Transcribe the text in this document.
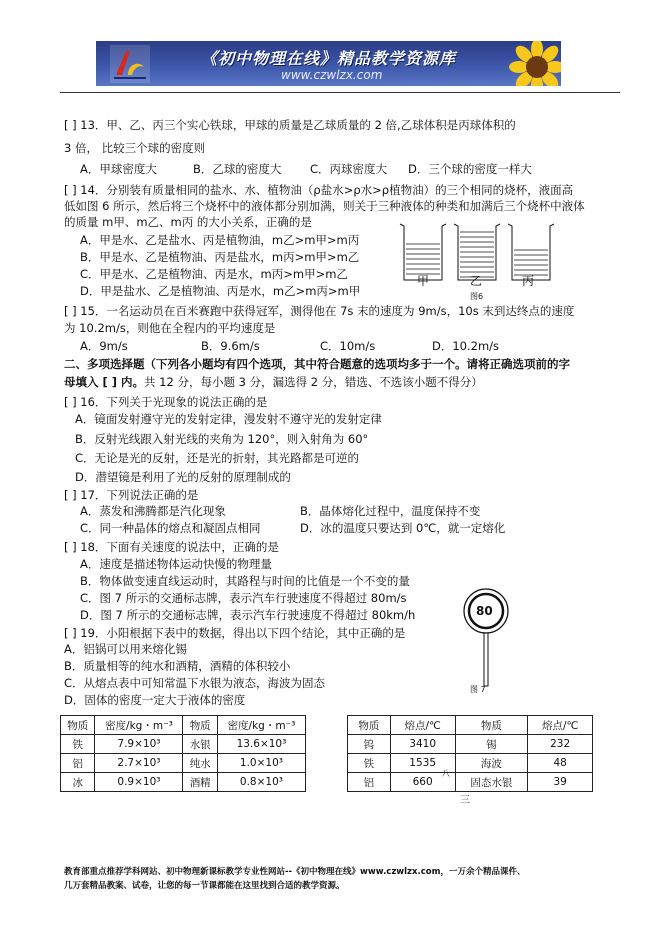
《初中物理在线》精品教学资源库
www.czwlzx.com
[ ] 13．甲、乙、丙三个实心铁球，甲球的质量是乙球质量的 2 倍,乙球体积是丙球体积的
3 倍， 比较三个球的密度则
A．甲球密度大	B．乙球的密度大 C．丙球密度大 D．三个球的密度一样大
[ ] 14．分别装有质量相同的盐水、水、植物油（ρ盐水>ρ水>ρ植物油）的三个相同的烧杯，液面高
低如图 6 所示，然后将三个烧杯中的液体都分别加满，则关于三种液体的种类和加满后三个烧杯中液体
的质量 m甲、m乙、m丙 的大小关系，正确的是
A．甲是水、乙是盐水、丙是植物油，m乙>m甲>m丙
B．甲是水、乙是植物油、丙是盐水，m丙>m甲>m乙
C．甲是水、乙是植物油、丙是水，m丙>m甲>m乙
D．甲是盐水、乙是植物油、丙是水，m乙>m丙>m甲
甲	乙	丙
图6
[ ] 15．一名运动员在百米赛跑中获得冠军，测得他在 7s 末的速度为 9m/s，10s 末到达终点的速度
为 10.2m/s，则他在全程内的平均速度是
A．9m/s	B．9.6m/s	C．10m/s	D．10.2m/s
二、多项选择题（下列各小题均有四个选项，其中符合题意的选项均多于一个。请将正确选项前的字
母填入 [ ] 内。共 12 分，每小题 3 分，漏选得 2 分，错选、不选该小题不得分）
[ ] 16．下列关于光现象的说法正确的是
A．镜面发射遵守光的发射定律，漫发射不遵守光的发射定律
B．反射光线跟入射光线的夹角为 120°，则入射角为 60°
C．无论是光的反射，还是光的折射，其光路都是可逆的
D．潜望镜是利用了光的反射的原理制成的
[ ] 17．下列说法正确的是
A．蒸发和沸腾都是汽化现象	B．晶体熔化过程中，温度保持不变
C．同一种晶体的熔点和凝固点相同	D．冰的温度只要达到 0℃，就一定熔化
[ ] 18．下面有关速度的说法中，正确的是
A．速度是描述物体运动快慢的物理量
B．物体做变速直线运动时，其路程与时间的比值是一个不变的量
C．图 7 所示的交通标志牌，表示汽车行驶速度不得超过 80m/s
D．图 7 所示的交通标志牌，表示汽车行驶速度不得超过 80km/h	80
图 7
[ ] 19．小阳根据下表中的数据，得出以下四个结论，其中正确的是
A．铝锅可以用来熔化锡
B．质量相等的纯水和酒精，酒精的体积较小
C．从熔点表中可知常温下水银为液态，海波为固态
D．固体的密度一定大于液体的密度
物质	密度/kg・m⁻³	物质	密度/kg・m⁻³
铁	7.9×10³	水银	13.6×10³
铝	2.7×10³	纯水	1.0×10³
冰	0.9×10³	酒精	0.8×10³
物质	熔点/℃	物质	熔点/℃
钨	3410	锡	232
铁	1535	海波	48
铝	660	固态水银	39
八
三
教育部重点推荐学科网站、初中物理新课标教学专业性网站--《初中物理在线》www.czwlzx.com，一万余个精品课件、
几万套精品教案、试卷，让您的每一节课都能在这里找到合适的教学资源。
